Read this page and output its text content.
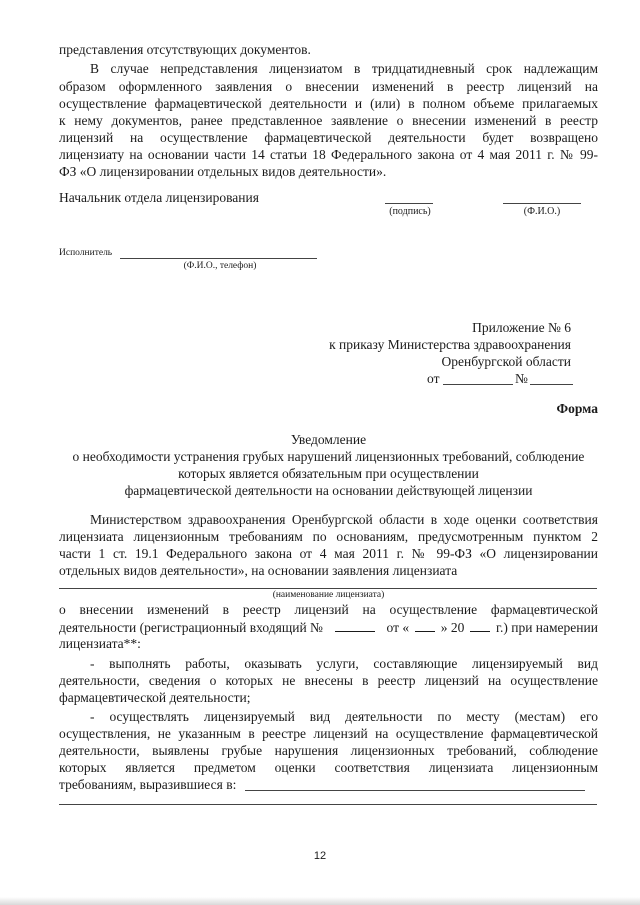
представления отсутствующих документов.
В случае непредставления лицензиатом в тридцатидневный срок надлежащим
образом оформленного заявления о внесении изменений в реестр лицензий на
осуществление фармацевтической деятельности и (или) в полном объеме прилагаемых
к нему документов, ранее представленное заявление о внесении изменений в реестр
лицензий на осуществление фармацевтической деятельности будет возвращено
лицензиату на основании части 14 статьи 18 Федерального закона от 4 мая 2011 г. № 99-
ФЗ «О лицензировании отдельных видов деятельности».
Начальник отдела лицензирования
(подпись)	(Ф.И.О.)
Исполнитель
(Ф.И.О., телефон)
Приложение № 6
к приказу Министерства здравоохранения
Оренбургской области
от	№
Форма
Уведомление
о необходимости устранения грубых нарушений лицензионных требований, соблюдение
которых является обязательным при осуществлении
фармацевтической деятельности на основании действующей лицензии
Министерством здравоохранения Оренбургской области в ходе оценки соответствия
лицензиата лицензионным требованиям по основаниям, предусмотренным пунктом 2
части 1 ст. 19.1 Федерального закона от 4 мая 2011 г. № 99-ФЗ «О лицензировании
отдельных видов деятельности», на основании заявления лицензиата
(наименование лицензиата)
о внесении изменений в реестр лицензий на осуществление фармацевтической
деятельности (регистрационный входящий №	от « » 20 г.) при намерении
лицензиата**:
- выполнять работы, оказывать услуги, составляющие лицензируемый вид
деятельности, сведения о которых не внесены в реестр лицензий на осуществление
фармацевтической деятельности;
- осуществлять лицензируемый вид деятельности по месту (местам) его
осуществления, не указанным в реестре лицензий на осуществление фармацевтической
деятельности, выявлены грубые нарушения лицензионных требований, соблюдение
которых является предметом оценки соответствия лицензиата лицензионным
требованиям, выразившиеся в:
12
